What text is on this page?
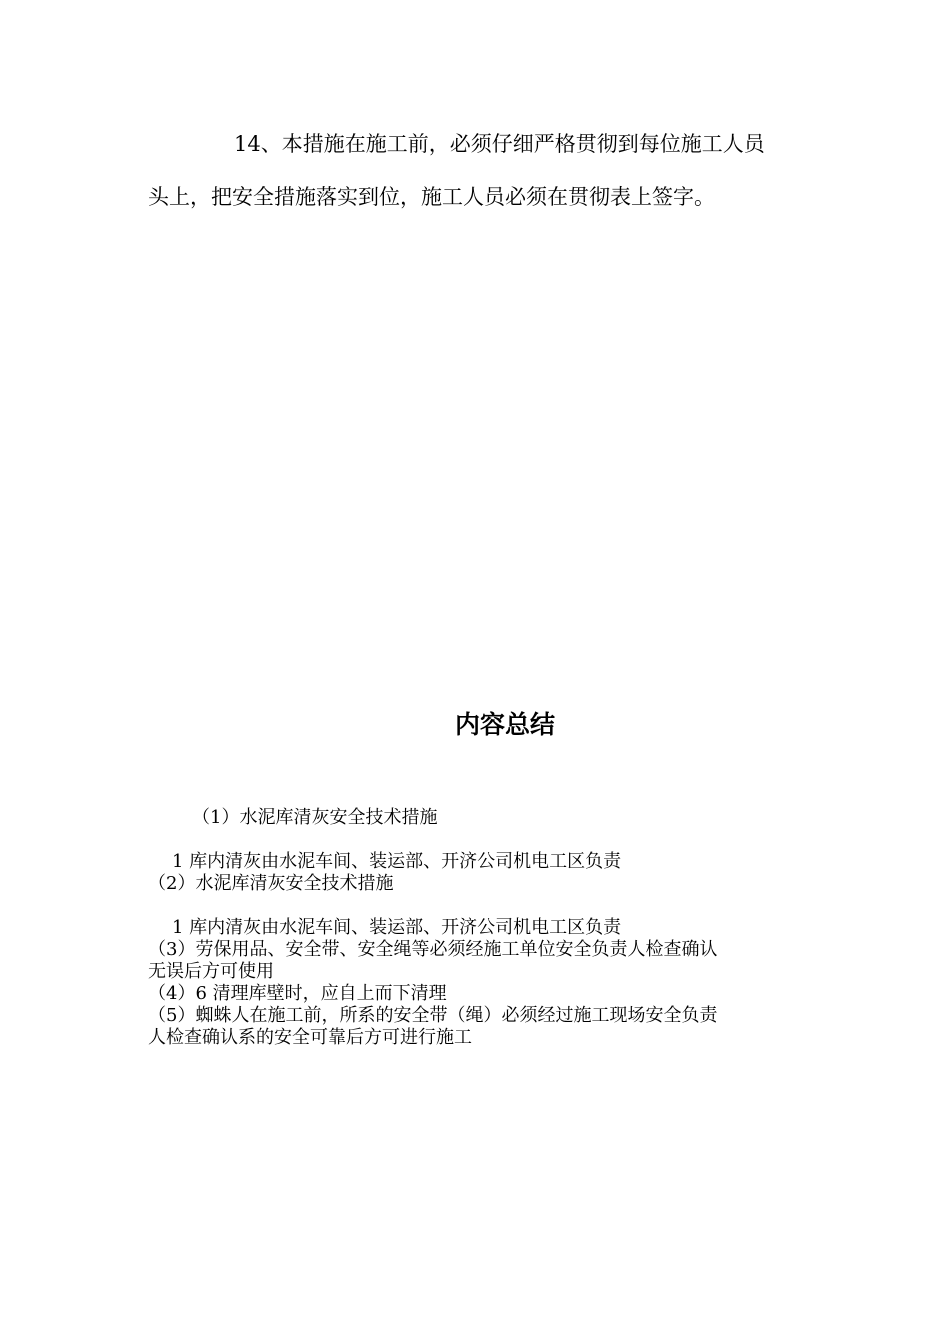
14、本措施在施工前，必须仔细严格贯彻到每位施工人员
头上，把安全措施落实到位，施工人员必须在贯彻表上签字。

内容总结
（1）水泥库清灰安全技术措施
1 库内清灰由水泥车间、装运部、开济公司机电工区负责
（2）水泥库清灰安全技术措施
1 库内清灰由水泥车间、装运部、开济公司机电工区负责
（3）劳保用品、安全带、安全绳等必须经施工单位安全负责人检查确认
无误后方可使用
（4）6 清理库壁时，应自上而下清理
（5）蜘蛛人在施工前，所系的安全带（绳）必须经过施工现场安全负责
人检查确认系的安全可靠后方可进行施工
